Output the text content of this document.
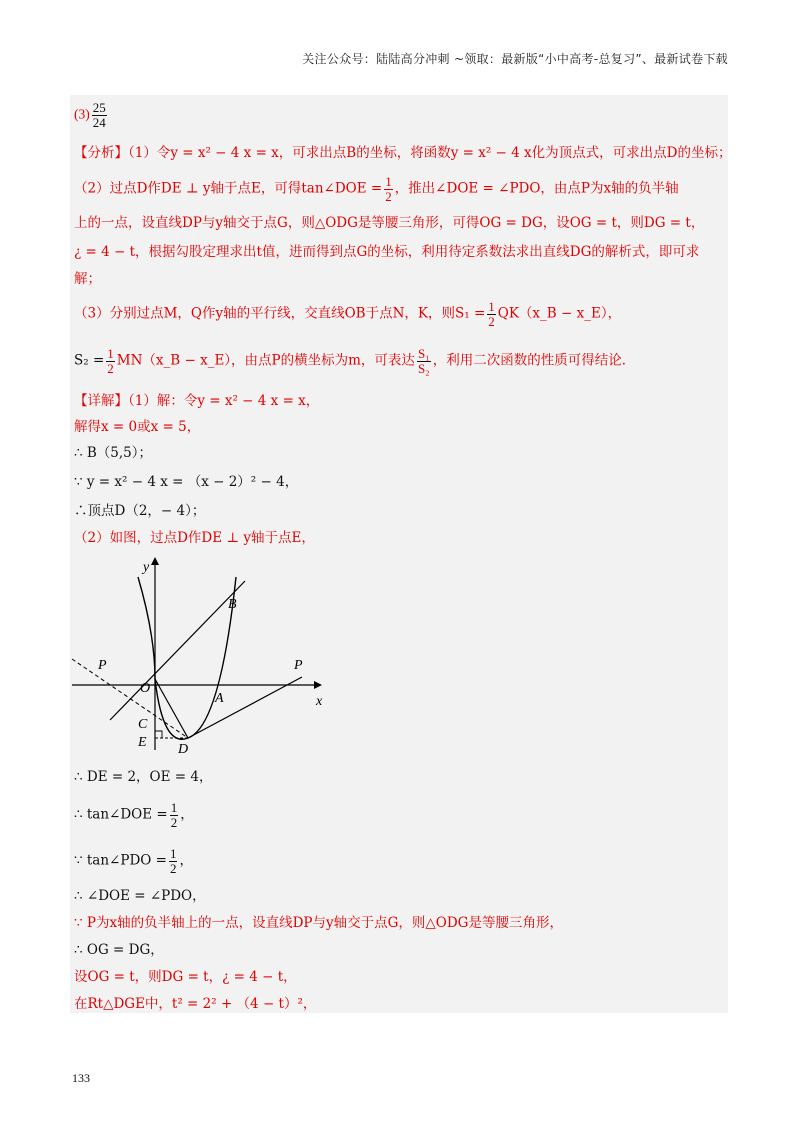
关注公众号：陆陆高分冲刺 ~领取：最新版“小中高考-总复习”、最新试卷下载
$(3) \frac{25}{24}$
【分析】（1）令y = x² − 4 x = x，可求出点B的坐标，将函数y = x² − 4 x化为顶点式，可求出点D的坐标；
（2）过点D作DE ⊥ y轴于点E，可得tan∠DOE = $\frac{1}{2}$ ，推出∠DOE = ∠PDO，由点P为x轴的负半轴
上的一点，设直线DP与y轴交于点G，则△ODG是等腰三角形，可得OG = DG，设OG = t，则DG = t，
¿ = 4 − t，根据勾股定理求出t值，进而得到点G的坐标，利用待定系数法求出直线DG的解析式，即可求
解；
（3）分别过点M，Q作y轴的平行线，交直线OB于点N，K，则$S_1 = \frac{1}{2}$ QK（x_B − x_E），
$S_2 = \frac{1}{2}$ MN（x_B − x_E），由点P的横坐标为m，可表达 $\frac{\text{S₁}}{\text{S₂}}$ ，利用二次函数的性质可得结论．
【详解】（1）解：令y = x² − 4 x = x，
解得x = 0或x = 5，
∴ B（5,5）；
∵ y = x² − 4 x = （x − 2）² − 4，
∴顶点D（2，− 4）；
（2）如图，过点D作DE ⊥ y轴于点E，
y
x
B
P	P
O
A
C
E D
∴ DE = 2，OE = 4，
∴ tan∠DOE = $\frac{1}{2}$ ，
∵ tan∠PDO = $\frac{1}{2}$ ，
∴ ∠DOE = ∠PDO，
∵ P为x轴的负半轴上的一点，设直线DP与y轴交于点G，则△ODG是等腰三角形，
∴ OG = DG，
设OG = t，则DG = t，¿ = 4 − t，
在Rt△DGE中，t² = 2² + （4 − t）²，
133
